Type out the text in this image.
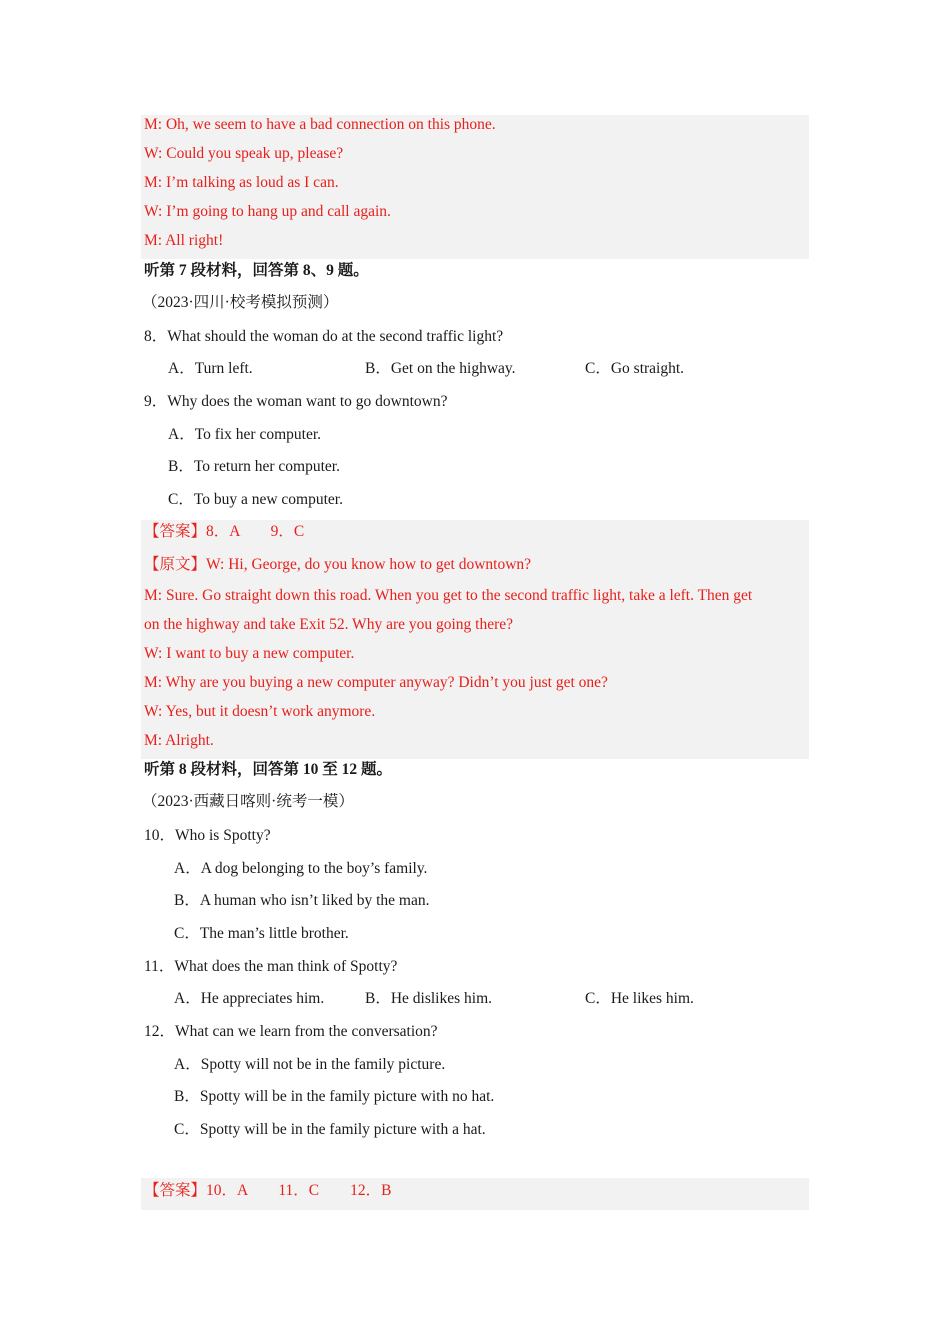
M: Oh, we seem to have a bad connection on this phone.
W: Could you speak up, please?
M: I’m talking as loud as I can.
W: I’m going to hang up and call again.
M: All right!
听第 7 段材料，回答第 8、9 题。
（2023·四川·校考模拟预测）
8．What should the woman do at the second traffic light?
A．Turn left.	B．Get on the highway.	C．Go straight.
9．Why does the woman want to go downtown?
A．To fix her computer.
B．To return her computer.
C．To buy a new computer.
【答案】8．A　　9．C
【原文】W: Hi, George, do you know how to get downtown?
M: Sure. Go straight down this road. When you get to the second traffic light, take a left. Then get
on the highway and take Exit 52. Why are you going there?
W: I want to buy a new computer.
M: Why are you buying a new computer anyway? Didn’t you just get one?
W: Yes, but it doesn’t work anymore.
M: Alright.
听第 8 段材料，回答第 10 至 12 题。
（2023·西藏日喀则·统考一模）
10．Who is Spotty?
A．A dog belonging to the boy’s family.
B．A human who isn’t liked by the man.
C．The man’s little brother.
11．What does the man think of Spotty?
A．He appreciates him.	B．He dislikes him.	C．He likes him.
12．What can we learn from the conversation?
A．Spotty will not be in the family picture.
B．Spotty will be in the family picture with no hat.
C．Spotty will be in the family picture with a hat.
【答案】10．A　　11．C　　12．B
